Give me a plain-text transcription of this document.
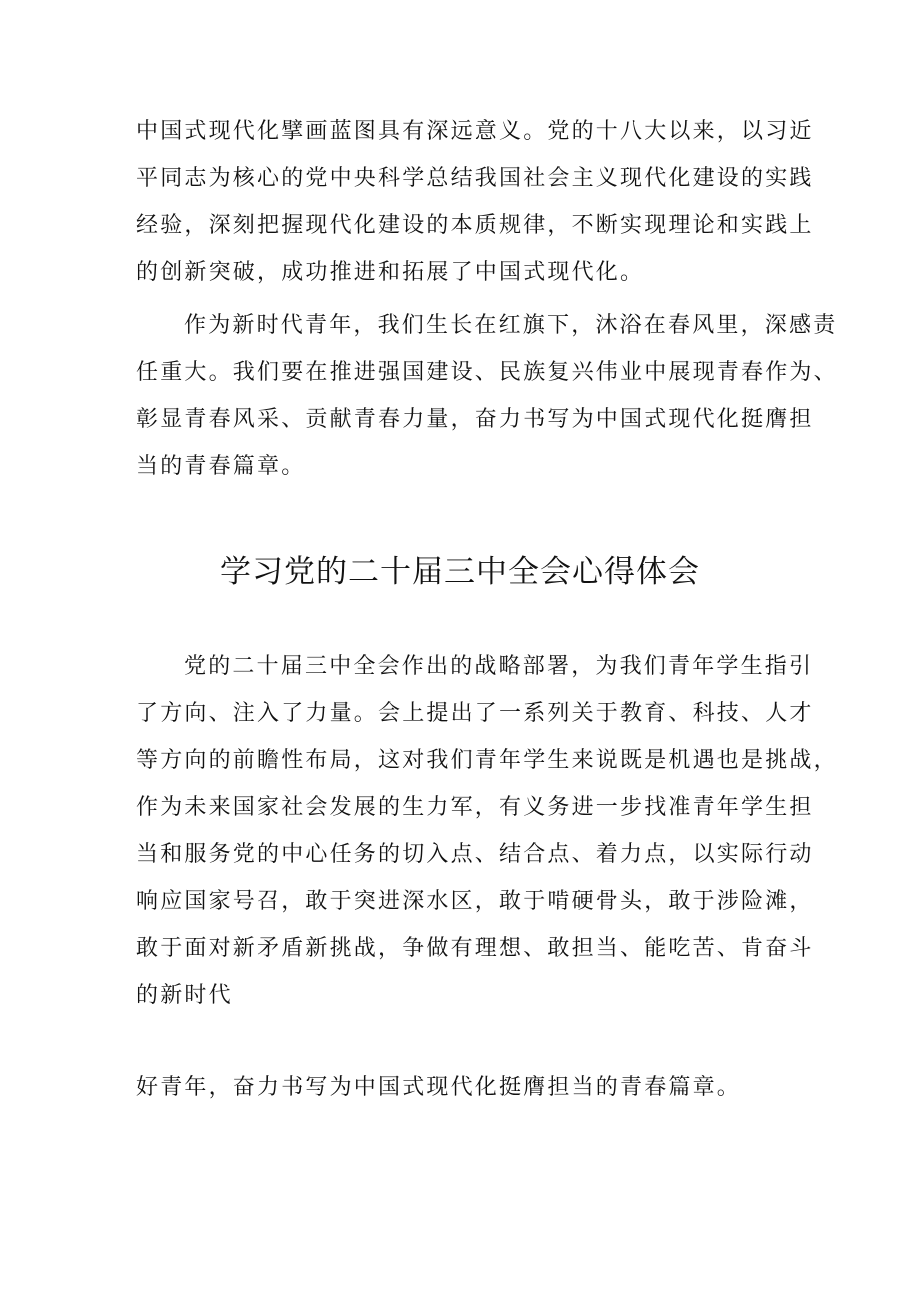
中国式现代化擘画蓝图具有深远意义。党的十八大以来，以习近
平同志为核心的党中央科学总结我国社会主义现代化建设的实践
经验，深刻把握现代化建设的本质规律，不断实现理论和实践上
的创新突破，成功推进和拓展了中国式现代化。
作为新时代青年，我们生长在红旗下，沐浴在春风里，深感责
任重大。我们要在推进强国建设、民族复兴伟业中展现青春作为、
彰显青春风采、贡献青春力量，奋力书写为中国式现代化挺膺担
当的青春篇章。
学习党的二十届三中全会心得体会
党的二十届三中全会作出的战略部署，为我们青年学生指引
了方向、注入了力量。会上提出了一系列关于教育、科技、人才
等方向的前瞻性布局，这对我们青年学生来说既是机遇也是挑战，
作为未来国家社会发展的生力军，有义务进一步找准青年学生担
当和服务党的中心任务的切入点、结合点、着力点，以实际行动
响应国家号召，敢于突进深水区，敢于啃硬骨头，敢于涉险滩，
敢于面对新矛盾新挑战，争做有理想、敢担当、能吃苦、肯奋斗
的新时代
好青年，奋力书写为中国式现代化挺膺担当的青春篇章。
